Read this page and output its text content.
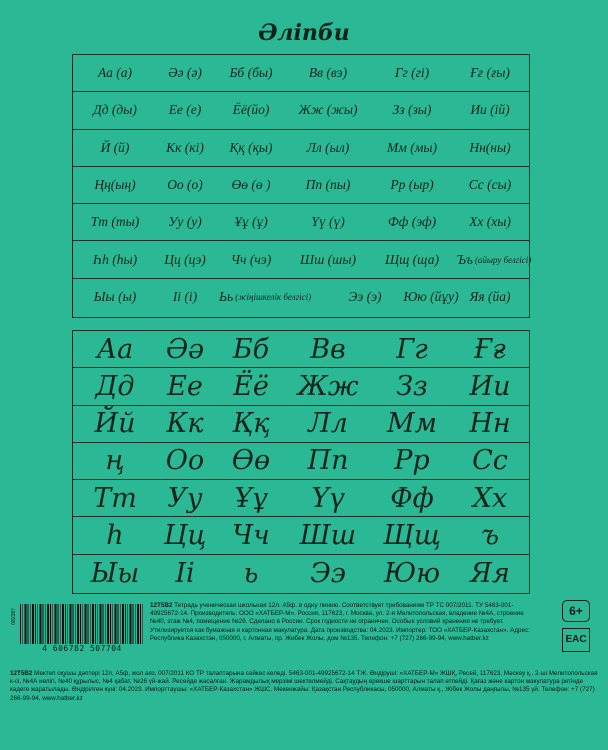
Әліпби
Аа (а)	Әә (ә) Бб (бы)	Вв (вэ)	Гг (гі)	Ғғ (ғы)
Дд (ды) Ее (е) Ёё(йо) Жж (жы)	Зз (зы)	Ии (ій)
Й (й)	Кк (кі) Ққ (қы)	Лл (ыл)	Мм (мы) Нн(ны)
Ңң(ың) Оо (о) Өө (ө )	Пп (пы)	Рр (ыр)	Сс (сы)
Тт (ты) Уу (у) Ұұ (ұ)	Үү (ү)	Фф (эф) Хх (хы)
Һһ (һы) Цц (цэ) Чч (чэ) Шш (шы) Щщ (ща) Ъъ (айыру белгісі)
Ыы (ы)	Іі (і) Ьь (жіңішкелік белгісі)	Ээ (э) Юю (йұу) Яя (йа)
Аа Әә Бб Вв Гг Ғғ
Дд Ее Ёё Жж Зз Ии
Йй Кк Ққ Лл Мм Нн
ң Оо Өө Пп Рр Сс
Тт Уу Ұұ Үү Фф Хх
һ Цц Чч Шш Щщ ъ
Ыы Іі ь Ээ Юю Яя
082387
4 606782 507704
12Т5В2 Тетрадь ученическая школьная 12л. А5ф. в одну линию. Соответствует требованиям ТР ТС 007/2011. ТУ 5463-001-49925672-14. Производитель: ООО «ХАТБЕР-М». Россия, 117623, г. Москва, ул. 2-я Мелитопольская, владение №4А, строение №40, этаж №4, помещение №26. Сделано в России. Срок годности не ограничен. Особых условий хранения не требует. Утилизируется как бумажная и картонная макулатура. Дата производства: 04.2023. Импортер: ТОО «ХАТБЕР-Казахстан». Адрес: Республика Казахстан, 050000, г. Алматы, пр. Жибек Жолы, дом №135. Телефон: +7 (727) 266-99-94, www.hatber.kz
12Т5В2 Мектеп оқушы дәптері 12п, А5ф, жол аяз, 007/2011 КО ТР талаптарына сәйкес келеді. 5463-001-49925672-14 ТЖ. Өндіруші: «ХАТБЕР-М» ЖШҚ, Ресей, 117623, Мәскеу қ., 2-ші Мелитопольская к-сі, №4А иелігі, №40 құрылыс, №4 қабат, №26 үй-жай. Ресейде жасалған. Жарамдылық мерзімі шектелмейді. Сақтаудың ерекше шарттарын талап етпейді. Қағаз және картон макулатура ретінде кәдеге жаратылады. Өндірілген күні: 04.2023. Импорттаушы: «ХАТБЕР-Казахстан» ЖШС. Мекенжайы: Қазақстан Республикасы, 050000, Алматы қ., Жібек Жолы даңғылы, №135 үй. Телефон: +7 (727) 266-99-94, www.hatber.kz
6+
EAC
